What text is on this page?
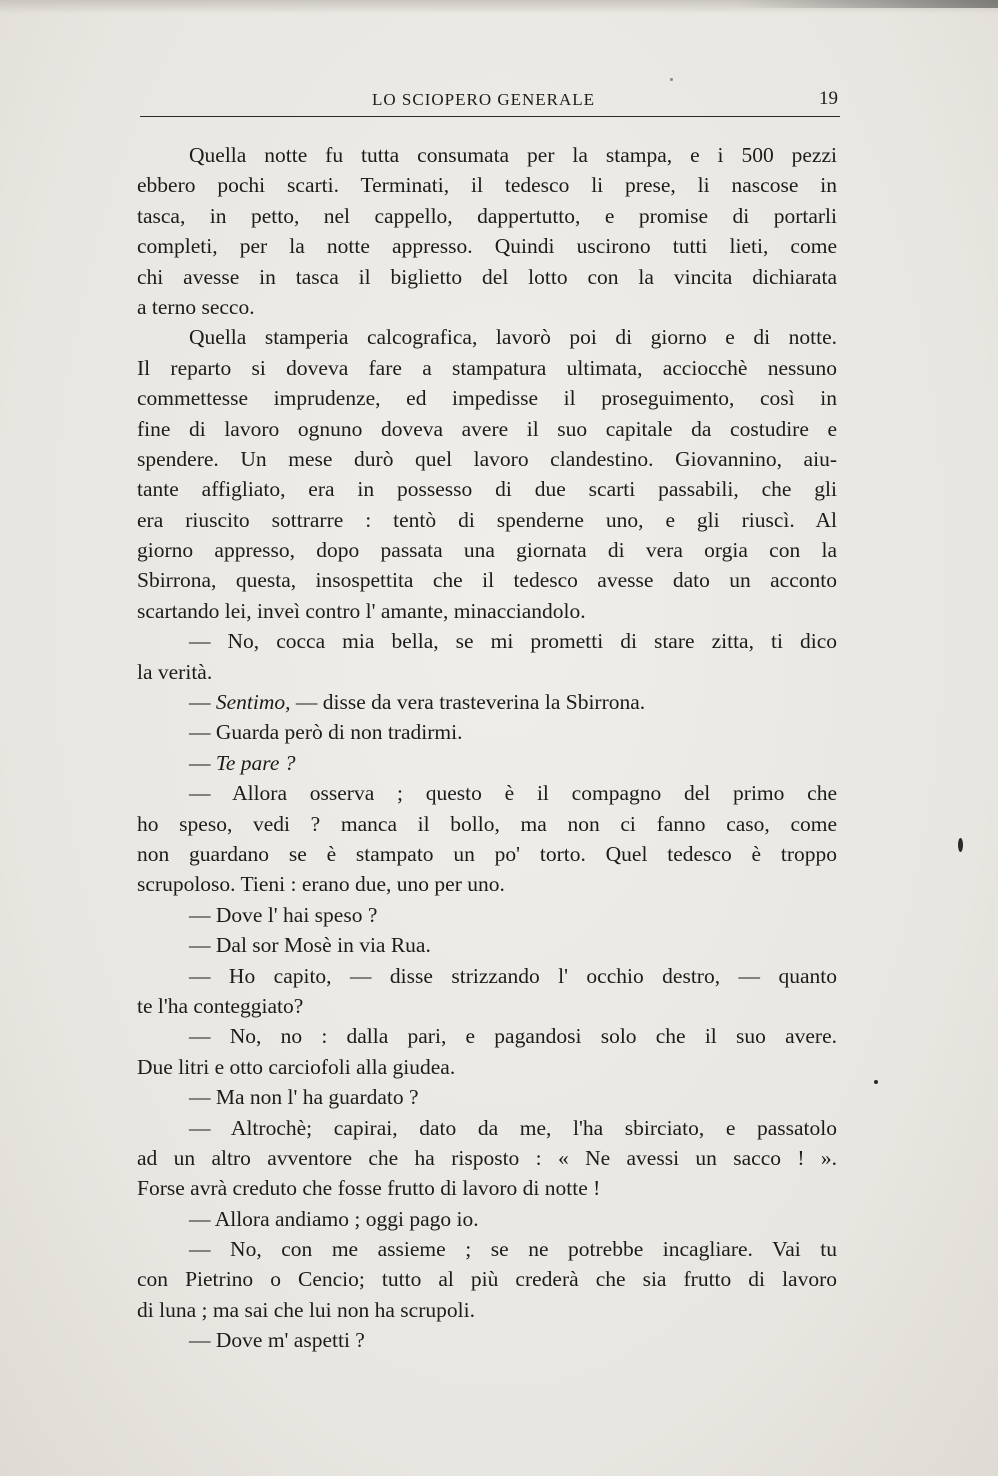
LO SCIOPERO GENERALE	19
Quella notte fu tutta consumata per la stampa, e i 500 pezzi
ebbero pochi scarti. Terminati, il tedesco li prese, li nascose in
tasca, in petto, nel cappello, dappertutto, e promise di portarli
completi, per la notte appresso. Quindi uscirono tutti lieti, come
chi avesse in tasca il biglietto del lotto con la vincita dichiarata
a terno secco.
Quella stamperia calcografica, lavorò poi di giorno e di notte.
Il reparto si doveva fare a stampatura ultimata, acciocchè nessuno
commettesse imprudenze, ed impedisse il proseguimento, così in
fine di lavoro ognuno doveva avere il suo capitale da costudire e
spendere. Un mese durò quel lavoro clandestino. Giovannino, aiu-
tante affigliato, era in possesso di due scarti passabili, che gli
era riuscito sottrarre : tentò di spenderne uno, e gli riuscì. Al
giorno appresso, dopo passata una giornata di vera orgia con la
Sbirrona, questa, insospettita che il tedesco avesse dato un acconto
scartando lei, inveì contro l' amante, minacciandolo.
— No, cocca mia bella, se mi prometti di stare zitta, ti dico
la verità.
— Sentimo, — disse da vera trasteverina la Sbirrona.
— Guarda però di non tradirmi.
— Te pare ?
— Allora osserva ; questo è il compagno del primo che
ho speso, vedi ? manca il bollo, ma non ci fanno caso, come
non guardano se è stampato un po' torto. Quel tedesco è troppo
scrupoloso. Tieni : erano due, uno per uno.
— Dove l' hai speso ?
— Dal sor Mosè in via Rua.
— Ho capito, — disse strizzando l' occhio destro, — quanto
te l'ha conteggiato?
— No, no : dalla pari, e pagandosi solo che il suo avere.
Due litri e otto carciofoli alla giudea.
— Ma non l' ha guardato ?
— Altrochè; capirai, dato da me, l'ha sbirciato, e passatolo
ad un altro avventore che ha risposto : « Ne avessi un sacco ! ».
Forse avrà creduto che fosse frutto di lavoro di notte !
— Allora andiamo ; oggi pago io.
— No, con me assieme ; se ne potrebbe incagliare. Vai tu
con Pietrino o Cencio; tutto al più crederà che sia frutto di lavoro
di luna ; ma sai che lui non ha scrupoli.
— Dove m' aspetti ?
